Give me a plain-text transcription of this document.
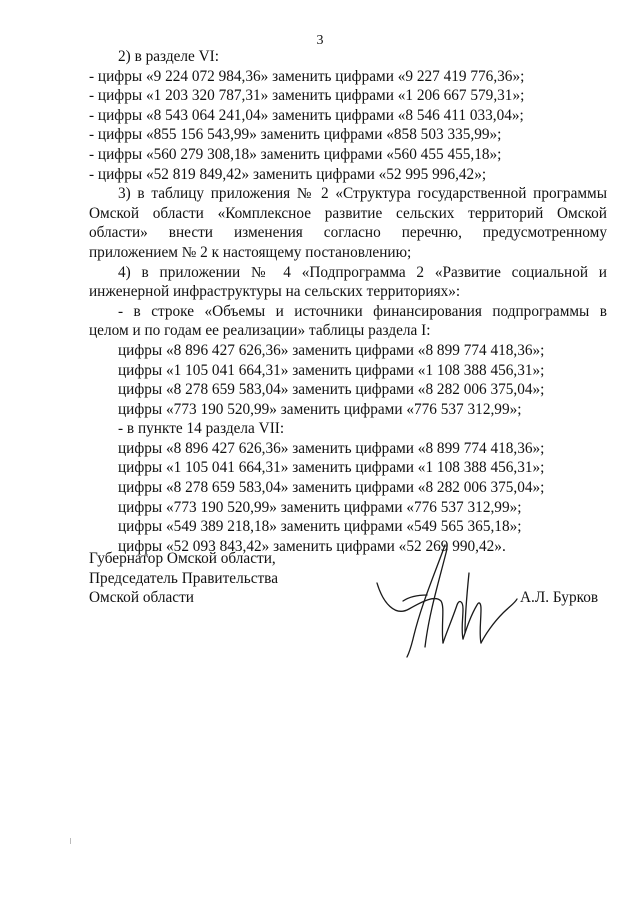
3

2) в разделе VI:

- цифры «9 224 072 984,36» заменить цифрами «9 227 419 776,36»;

- цифры «1 203 320 787,31» заменить цифрами «1 206 667 579,31»;

- цифры «8 543 064 241,04» заменить цифрами «8 546 411 033,04»;

- цифры «855 156 543,99» заменить цифрами «858 503 335,99»;

- цифры «560 279 308,18» заменить цифрами «560 455 455,18»;

- цифры «52 819 849,42» заменить цифрами «52 995 996,42»;

3) в таблицу приложения № 2 «Структура государственной программы

Омской области «Комплексное развитие сельских территорий Омской

области» внести изменения согласно перечню, предусмотренному

приложением № 2 к настоящему постановлению;

4) в приложении № 4 «Подпрограмма 2 «Развитие социальной и

инженерной инфраструктуры на сельских территориях»:

- в строке «Объемы и источники финансирования подпрограммы в

целом и по годам ее реализации» таблицы раздела I:

цифры «8 896 427 626,36» заменить цифрами «8 899 774 418,36»;

цифры «1 105 041 664,31» заменить цифрами «1 108 388 456,31»;

цифры «8 278 659 583,04» заменить цифрами «8 282 006 375,04»;

цифры «773 190 520,99» заменить цифрами «776 537 312,99»;

- в пункте 14 раздела VII:

цифры «8 896 427 626,36» заменить цифрами «8 899 774 418,36»;

цифры «1 105 041 664,31» заменить цифрами «1 108 388 456,31»;

цифры «8 278 659 583,04» заменить цифрами «8 282 006 375,04»;

цифры «773 190 520,99» заменить цифрами «776 537 312,99»;

цифры «549 389 218,18» заменить цифрами «549 565 365,18»;

цифры «52 093 843,42» заменить цифрами «52 269 990,42».

Губернатор Омской области,

Председатель Правительства

Омской области	А.Л. Бурков
